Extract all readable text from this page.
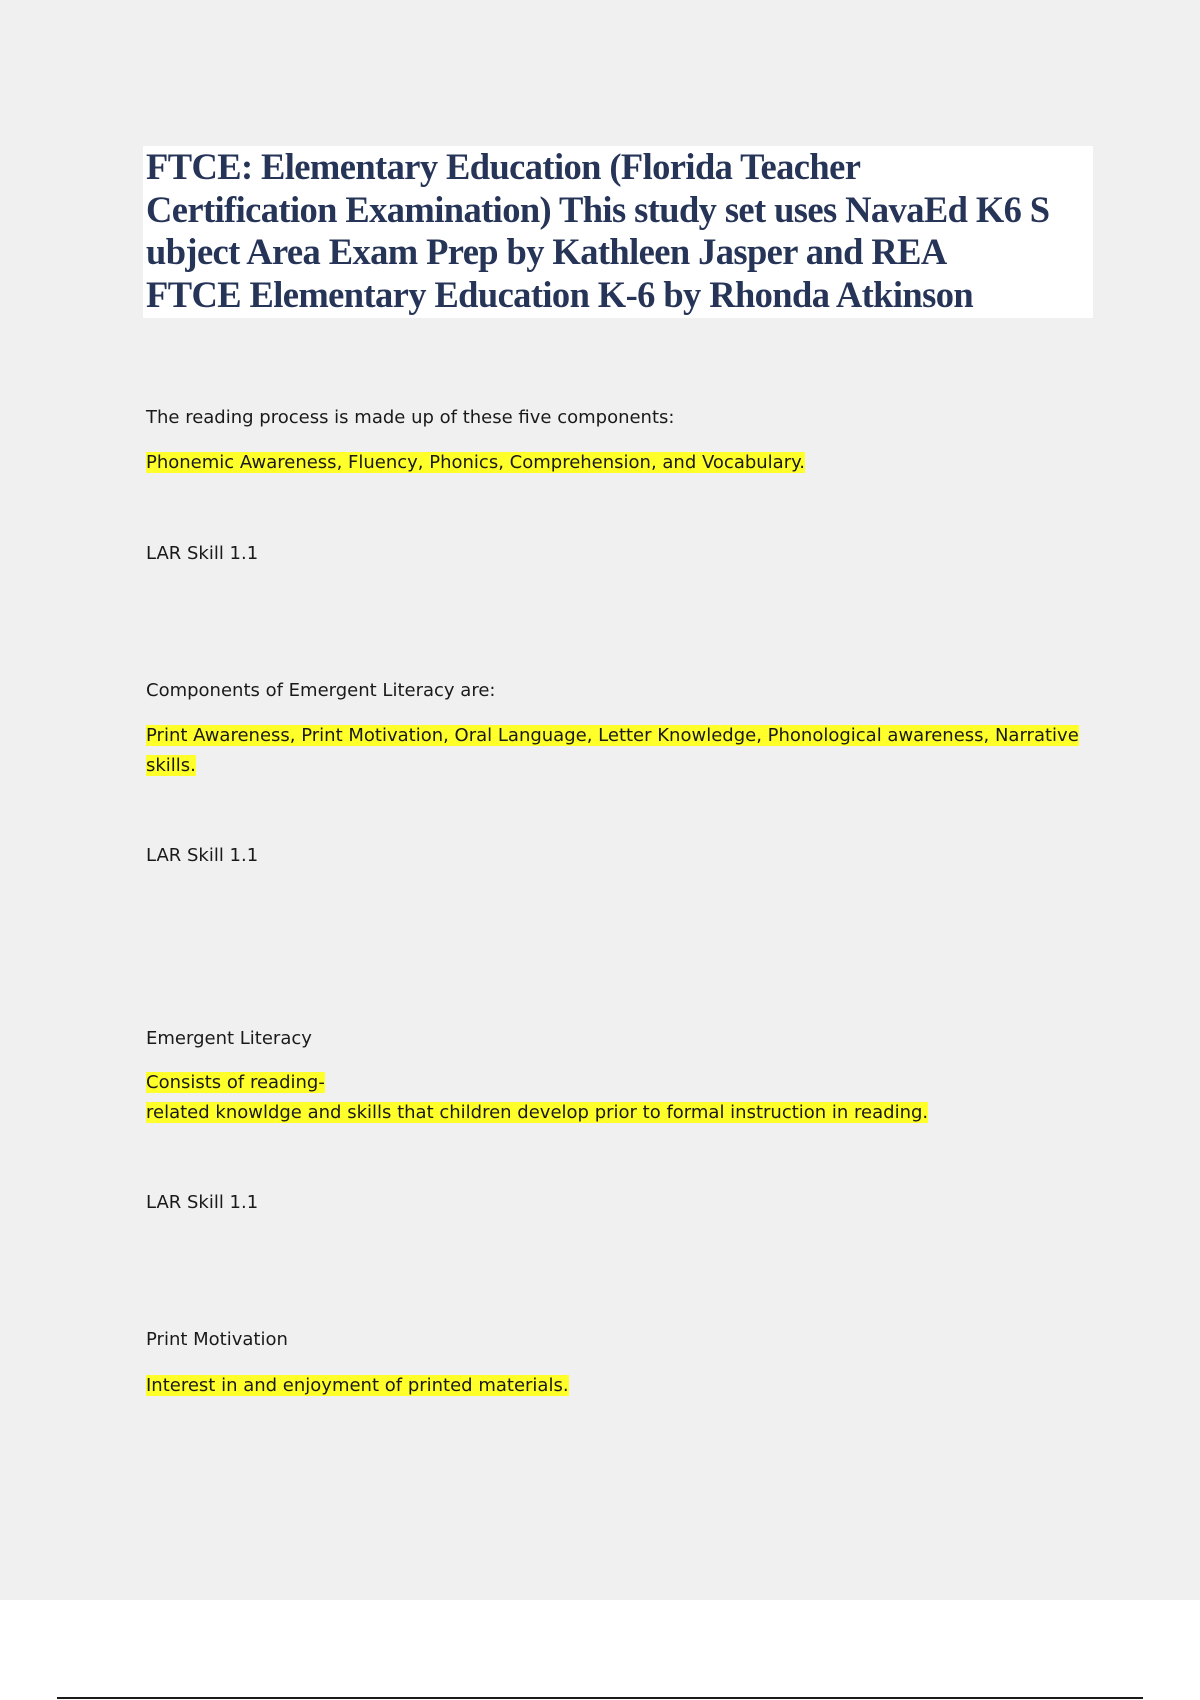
FTCE: Elementary Education (Florida Teacher
Certification Examination) This study set uses NavaEd K6 S
ubject Area Exam Prep by Kathleen Jasper and REA
FTCE Elementary Education K-6 by Rhonda Atkinson

The reading process is made up of these five components:

Phonemic Awareness, Fluency, Phonics, Comprehension, and Vocabulary.

LAR Skill 1.1

Components of Emergent Literacy are:

Print Awareness, Print Motivation, Oral Language, Letter Knowledge, Phonological awareness, Narrative

skills.

LAR Skill 1.1

Emergent Literacy

Consists of reading-

related knowldge and skills that children develop prior to formal instruction in reading.

LAR Skill 1.1

Print Motivation

Interest in and enjoyment of printed materials.
